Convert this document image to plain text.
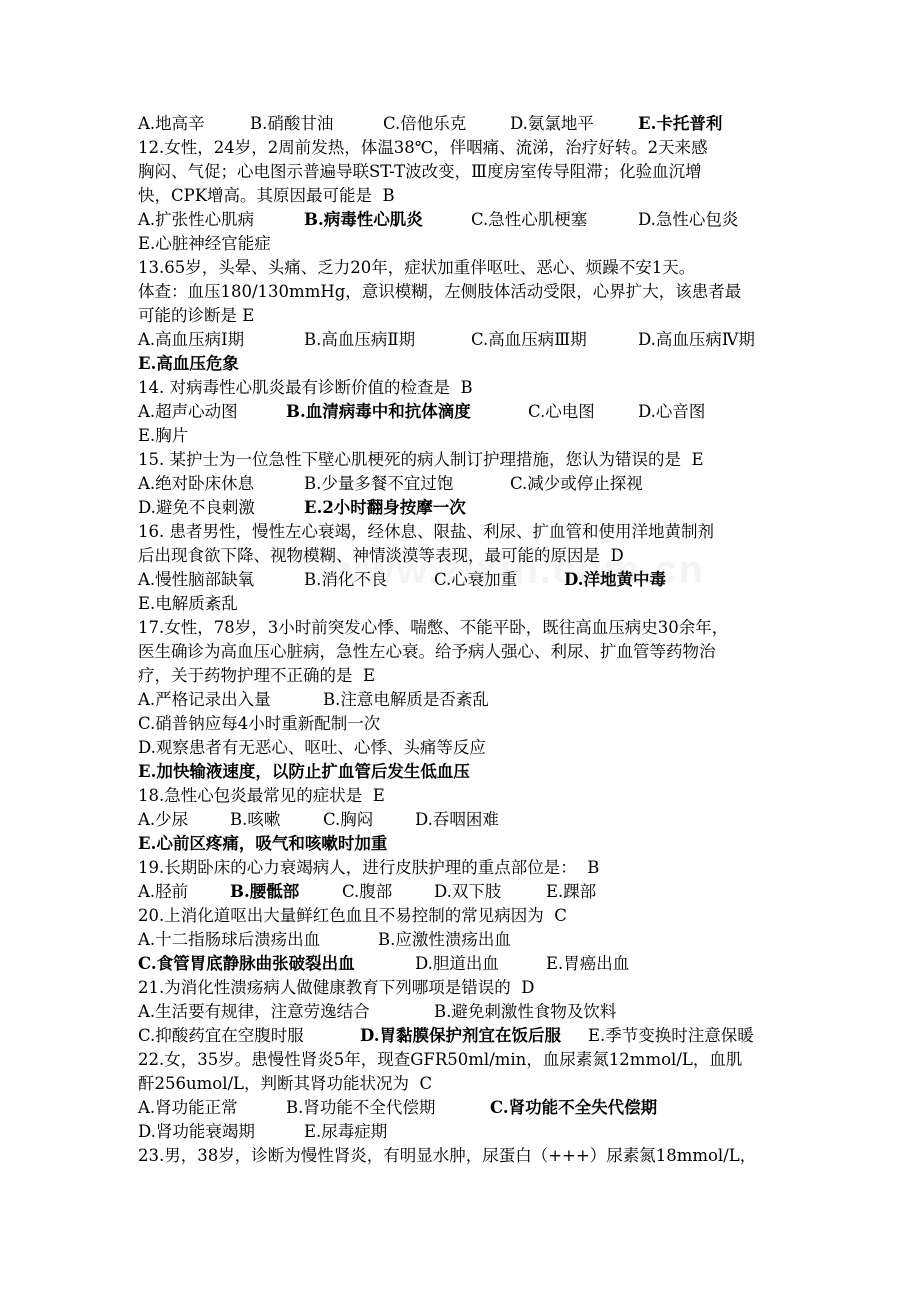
A.地高辛	B.硝酸甘油	C.倍他乐克	D.氨氯地平	E.卡托普利
12.女性，24岁，2周前发热，体温38℃，伴咽痛、流涕，治疗好转。2天来感
胸闷、气促；心电图示普遍导联ST-T波改变，Ⅲ度房室传导阻滞；化验血沉增
快，CPK增高。其原因最可能是  B
A.扩张性心肌病	B.病毒性心肌炎	C.急性心肌梗塞	D.急性心包炎
E.心脏神经官能症
13.65岁，头晕、头痛、乏力20年，症状加重伴呕吐、恶心、烦躁不安1天。
体查：血压180/130mmHg，意识模糊，左侧肢体活动受限，心界扩大，该患者最
可能的诊断是 E
A.高血压病Ⅰ期	B.高血压病Ⅱ期	C.高血压病Ⅲ期	D.高血压病Ⅳ期
E.高血压危象
14. 对病毒性心肌炎最有诊断价值的检查是  B
A.超声心动图	B.血清病毒中和抗体滴度	C.心电图	D.心音图
E.胸片
15. 某护士为一位急性下壁心肌梗死的病人制订护理措施，您认为错误的是  E
A.绝对卧床休息	B.少量多餐不宜过饱	C.减少或停止探视
D.避免不良刺激	E.2小时翻身按摩一次
16. 患者男性，慢性左心衰竭，经休息、限盐、利尿、扩血管和使用洋地黄制剂
后出现食欲下降、视物模糊、神情淡漠等表现，最可能的原因是  D
A.慢性脑部缺氧	B.消化不良	C.心衰加重	D.洋地黄中毒
E.电解质紊乱
17.女性，78岁，3小时前突发心悸、喘憋、不能平卧，既往高血压病史30余年，
医生确诊为高血压心脏病，急性左心衰。给予病人强心、利尿、扩血管等药物治
疗，关于药物护理不正确的是  E
A.严格记录出入量	B.注意电解质是否紊乱
C.硝普钠应每4小时重新配制一次
D.观察患者有无恶心、呕吐、心悸、头痛等反应
E.加快输液速度，以防止扩血管后发生低血压
18.急性心包炎最常见的症状是  E
A.少尿	B.咳嗽	C.胸闷	D.吞咽困难
E.心前区疼痛，吸气和咳嗽时加重
19.长期卧床的心力衰竭病人，进行皮肤护理的重点部位是：  B
A.胫前	B.腰骶部	C.腹部	D.双下肢	E.踝部
20.上消化道呕出大量鲜红色血且不易控制的常见病因为  C
A.十二指肠球后溃疡出血	B.应激性溃疡出血
C.食管胃底静脉曲张破裂出血	D.胆道出血	E.胃癌出血
21.为消化性溃疡病人做健康教育下列哪项是错误的  D
A.生活要有规律，注意劳逸结合	B.避免刺激性食物及饮料
C.抑酸药宜在空腹时服	D.胃黏膜保护剂宜在饭后服 E.季节变换时注意保暖
22.女，35岁。患慢性肾炎5年，现查GFR50ml/min，血尿素氮12mmol/L，血肌
酐256umol/L，判断其肾功能状况为  C
A.肾功能正常	B.肾功能不全代偿期	C.肾功能不全失代偿期
D.肾功能衰竭期	E.尿毒症期
23.男，38岁，诊断为慢性肾炎，有明显水肿，尿蛋白（+++）尿素氮18mmol/L，
